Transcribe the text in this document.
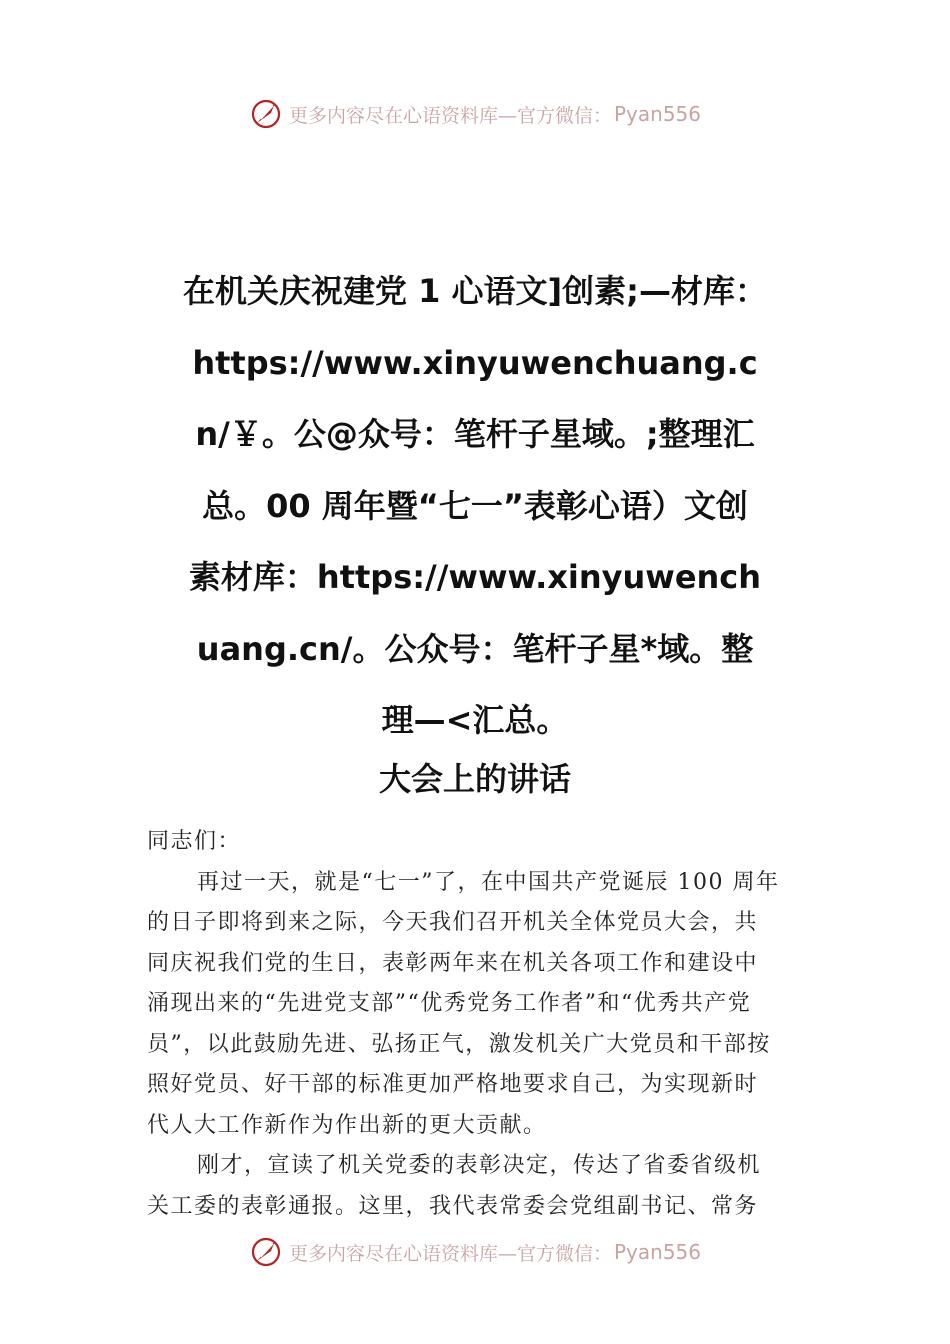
更多内容尽在心语资料库—官方微信： Pyan556
在机关庆祝建党 1 心语文]创素;—材库：
https://www.xinyuwenchuang.c
n/￥。公@众号：笔杆子星域。;整理汇
总。00 周年暨“七一”表彰心语）文创
素材库：https://www.xinyuwench
uang.cn/。公众号：笔杆子星*域。整
理—<汇总。
大会上的讲话
同志们：
再过一天，就是“七一”了，在中国共产党诞辰 100 周年
的日子即将到来之际，今天我们召开机关全体党员大会，共
同庆祝我们党的生日，表彰两年来在机关各项工作和建设中
涌现出来的“先进党支部”“优秀党务工作者”和“优秀共产党
员”，以此鼓励先进、弘扬正气，激发机关广大党员和干部按
照好党员、好干部的标准更加严格地要求自己，为实现新时
代人大工作新作为作出新的更大贡献。
刚才，宣读了机关党委的表彰决定，传达了省委省级机
关工委的表彰通报。这里，我代表常委会党组副书记、常务
更多内容尽在心语资料库—官方微信： Pyan556
